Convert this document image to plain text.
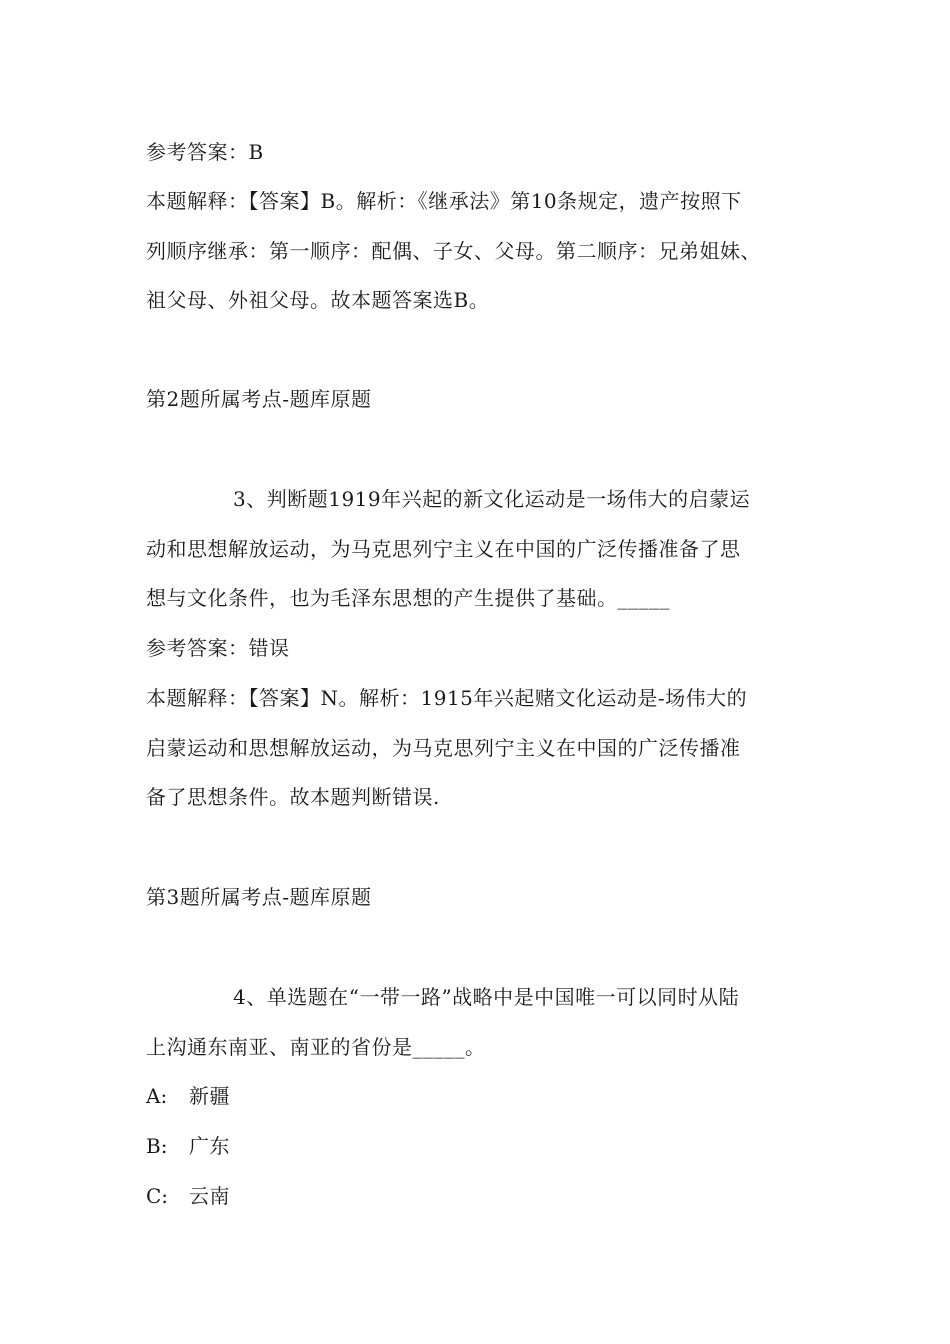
参考答案：B
本题解释：【答案】B。解析：《继承法》第10条规定，遗产按照下
列顺序继承：第一顺序：配偶、子女、父母。第二顺序：兄弟姐妹、
祖父母、外祖父母。故本题答案选B。
第2题所属考点-题库原题
3、判断题1919年兴起的新文化运动是一场伟大的启蒙运
动和思想解放运动，为马克思列宁主义在中国的广泛传播准备了思
想与文化条件，也为毛泽东思想的产生提供了基础。_____
参考答案：错误
本题解释：【答案】N。解析：1915年兴起赌文化运动是-场伟大的
启蒙运动和思想解放运动，为马克思列宁主义在中国的广泛传播准
备了思想条件。故本题判断错误.
第3题所属考点-题库原题
4、单选题在“一带一路”战略中是中国唯一可以同时从陆
上沟通东南亚、南亚的省份是_____。
A: 新疆
B: 广东
C: 云南
